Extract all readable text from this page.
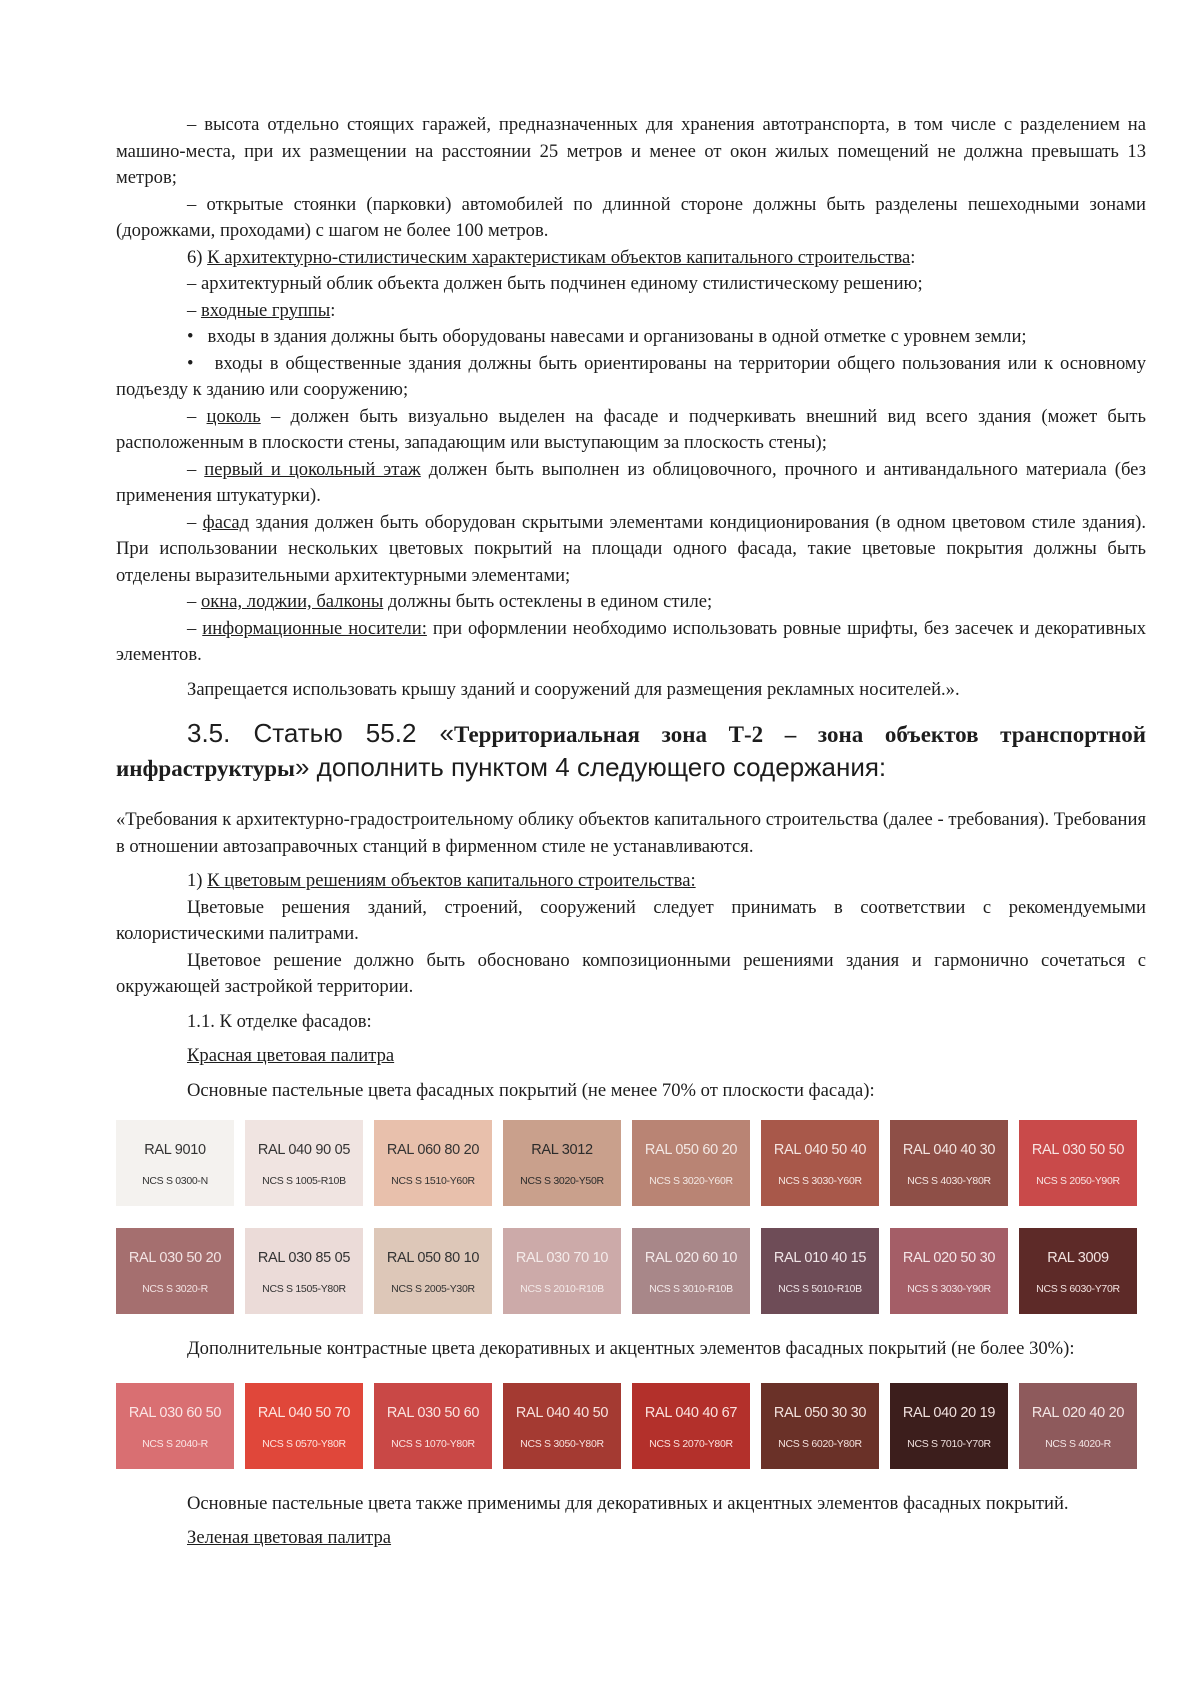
– высота отдельно стоящих гаражей, предназначенных для хранения автотранспорта, в том числе с разделением на машино-места, при их размещении на расстоянии 25 метров и менее от окон жилых помещений не должна превышать 13 метров;

– открытые стоянки (парковки) автомобилей по длинной стороне должны быть разделены пешеходными зонами (дорожками, проходами) с шагом не более 100 метров.

6) К архитектурно-стилистическим характеристикам объектов капитального строительства:

– архитектурный облик объекта должен быть подчинен единому стилистическому решению;

– входные группы:

•   входы в здания должны быть оборудованы навесами и организованы в одной отметке с уровнем земли;

•   входы в общественные здания должны быть ориентированы на территории общего пользования или к основному подъезду к зданию или сооружению;

– цоколь – должен быть визуально выделен на фасаде и подчеркивать внешний вид всего здания (может быть расположенным в плоскости стены, западающим или выступающим за плоскость стены);

– первый и цокольный этаж должен быть выполнен из облицовочного, прочного и антивандального материала (без применения штукатурки).

– фасад здания должен быть оборудован скрытыми элементами кондиционирования (в одном цветовом стиле здания). При использовании нескольких цветовых покрытий на площади одного фасада, такие цветовые покрытия должны быть отделены выразительными архитектурными элементами;

– окна, лоджии, балконы должны быть остеклены в едином стиле;

– информационные носители: при оформлении необходимо использовать ровные шрифты, без засечек и декоративных элементов.

Запрещается использовать крышу зданий и сооружений для размещения рекламных носителей.».

3.5. Статью 55.2 «Территориальная зона Т-2 – зона объектов транспортной инфраструктуры» дополнить пунктом 4 следующего содержания:

«Требования к архитектурно-градостроительному облику объектов капитального строительства (далее - требования). Требования в отношении автозаправочных станций в фирменном стиле не устанавливаются.

1) К цветовым решениям объектов капитального строительства:

Цветовые решения зданий, строений, сооружений следует принимать в соответствии с рекомендуемыми колористическими палитрами.

Цветовое решение должно быть обосновано композиционными решениями здания и гармонично сочетаться с окружающей застройкой территории.

1.1. К отделке фасадов:

Красная цветовая палитра

Основные пастельные цвета фасадных покрытий (не менее 70% от плоскости фасада):

RAL 9010
NCS S 0300-N
RAL 040 90 05
NCS S 1005-R10B
RAL 060 80 20
NCS S 1510-Y60R
RAL 3012
NCS S 3020-Y50R
RAL 050 60 20
NCS S 3020-Y60R
RAL 040 50 40
NCS S 3030-Y60R
RAL 040 40 30
NCS S 4030-Y80R
RAL 030 50 50
NCS S 2050-Y90R
RAL 030 50 20
NCS S 3020-R
RAL 030 85 05
NCS S 1505-Y80R
RAL 050 80 10
NCS S 2005-Y30R
RAL 030 70 10
NCS S 2010-R10B
RAL 020 60 10
NCS S 3010-R10B
RAL 010 40 15
NCS S 5010-R10B
RAL 020 50 30
NCS S 3030-Y90R
RAL 3009
NCS S 6030-Y70R

Дополнительные контрастные цвета декоративных и акцентных элементов фасадных покрытий (не более 30%):

RAL 030 60 50
NCS S 2040-R
RAL 040 50 70
NCS S 0570-Y80R
RAL 030 50 60
NCS S 1070-Y80R
RAL 040 40 50
NCS S 3050-Y80R
RAL 040 40 67
NCS S 2070-Y80R
RAL 050 30 30
NCS S 6020-Y80R
RAL 040 20 19
NCS S 7010-Y70R
RAL 020 40 20
NCS S 4020-R

Основные пастельные цвета также применимы для декоративных и акцентных элементов фасадных покрытий.

Зеленая цветовая палитра
